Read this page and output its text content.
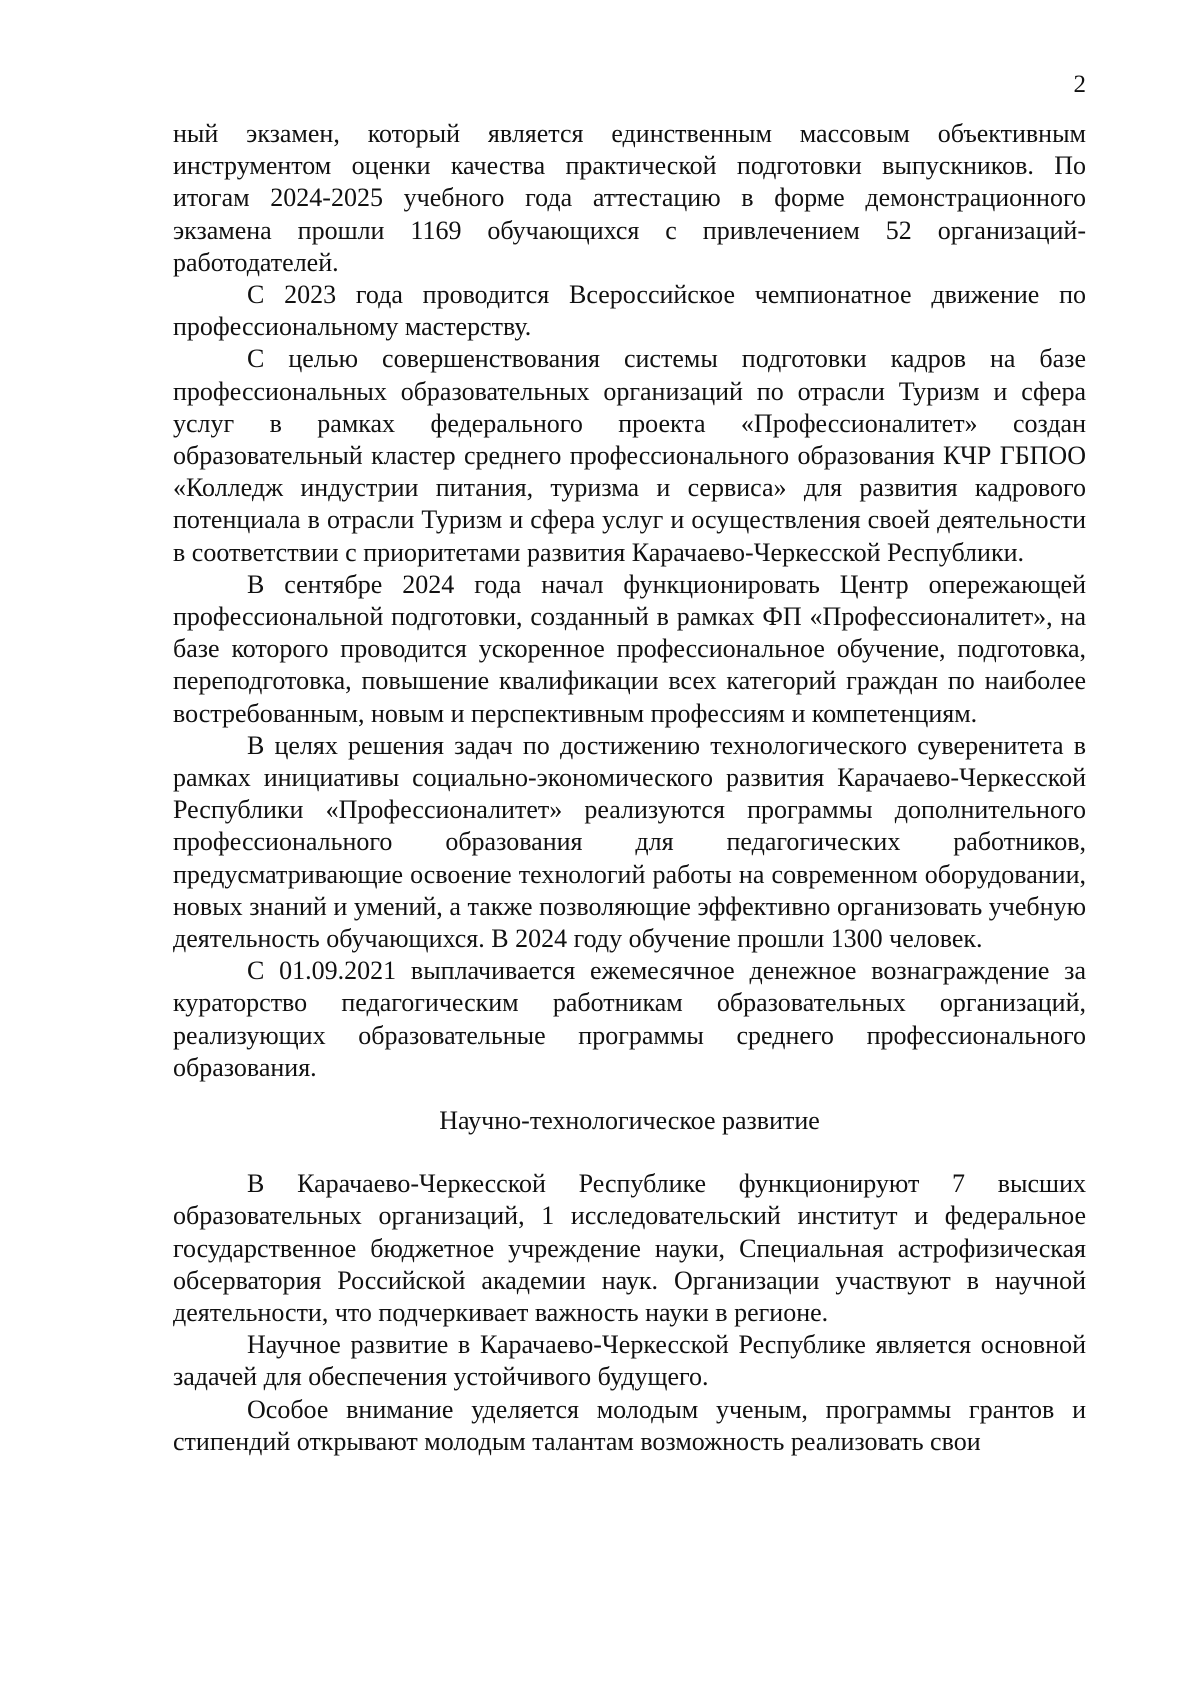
2

ный экзамен, который является единственным массовым объективным инструментом оценки качества практической подготовки выпускников. По итогам 2024-2025 учебного года аттестацию в форме демонстрационного экзамена прошли 1169 обучающихся с привлечением 52 организаций-работодателей.

С 2023 года проводится Всероссийское чемпионатное движение по профессиональному мастерству.

С целью совершенствования системы подготовки кадров на базе профессиональных образовательных организаций по отрасли Туризм и сфера услуг в рамках федерального проекта «Профессионалитет» создан образовательный кластер среднего профессионального образования КЧР ГБПОО «Колледж индустрии питания, туризма и сервиса» для развития кадрового потенциала в отрасли Туризм и сфера услуг и осуществления своей деятельности в соответствии с приоритетами развития Карачаево-Черкесской Республики.

В сентябре 2024 года начал функционировать Центр опережающей профессиональной подготовки, созданный в рамках ФП «Профессионалитет», на базе которого проводится ускоренное профессиональное обучение, подготовка, переподготовка, повышение квалификации всех категорий граждан по наиболее востребованным, новым и перспективным профессиям и компетенциям.

В целях решения задач по достижению технологического суверенитета в рамках инициативы социально-экономического развития Карачаево-Черкесской Республики «Профессионалитет» реализуются программы дополнительного профессионального образования для педагогических работников, предусматривающие освоение технологий работы на современном оборудовании, новых знаний и умений, а также позволяющие эффективно организовать учебную деятельность обучающихся. В 2024 году обучение прошли 1300 человек.

С 01.09.2021 выплачивается ежемесячное денежное вознаграждение за кураторство педагогическим работникам образовательных организаций, реализующих образовательные программы среднего профессионального образования.

Научно-технологическое развитие

В Карачаево-Черкесской Республике функционируют 7 высших образовательных организаций, 1 исследовательский институт и федеральное государственное бюджетное учреждение науки, Специальная астрофизическая обсерватория Российской академии наук. Организации участвуют в научной деятельности, что подчеркивает важность науки в регионе.

Научное развитие в Карачаево-Черкесской Республике является основной задачей для обеспечения устойчивого будущего.

Особое внимание уделяется молодым ученым, программы грантов и стипендий открывают молодым талантам возможность реализовать свои
